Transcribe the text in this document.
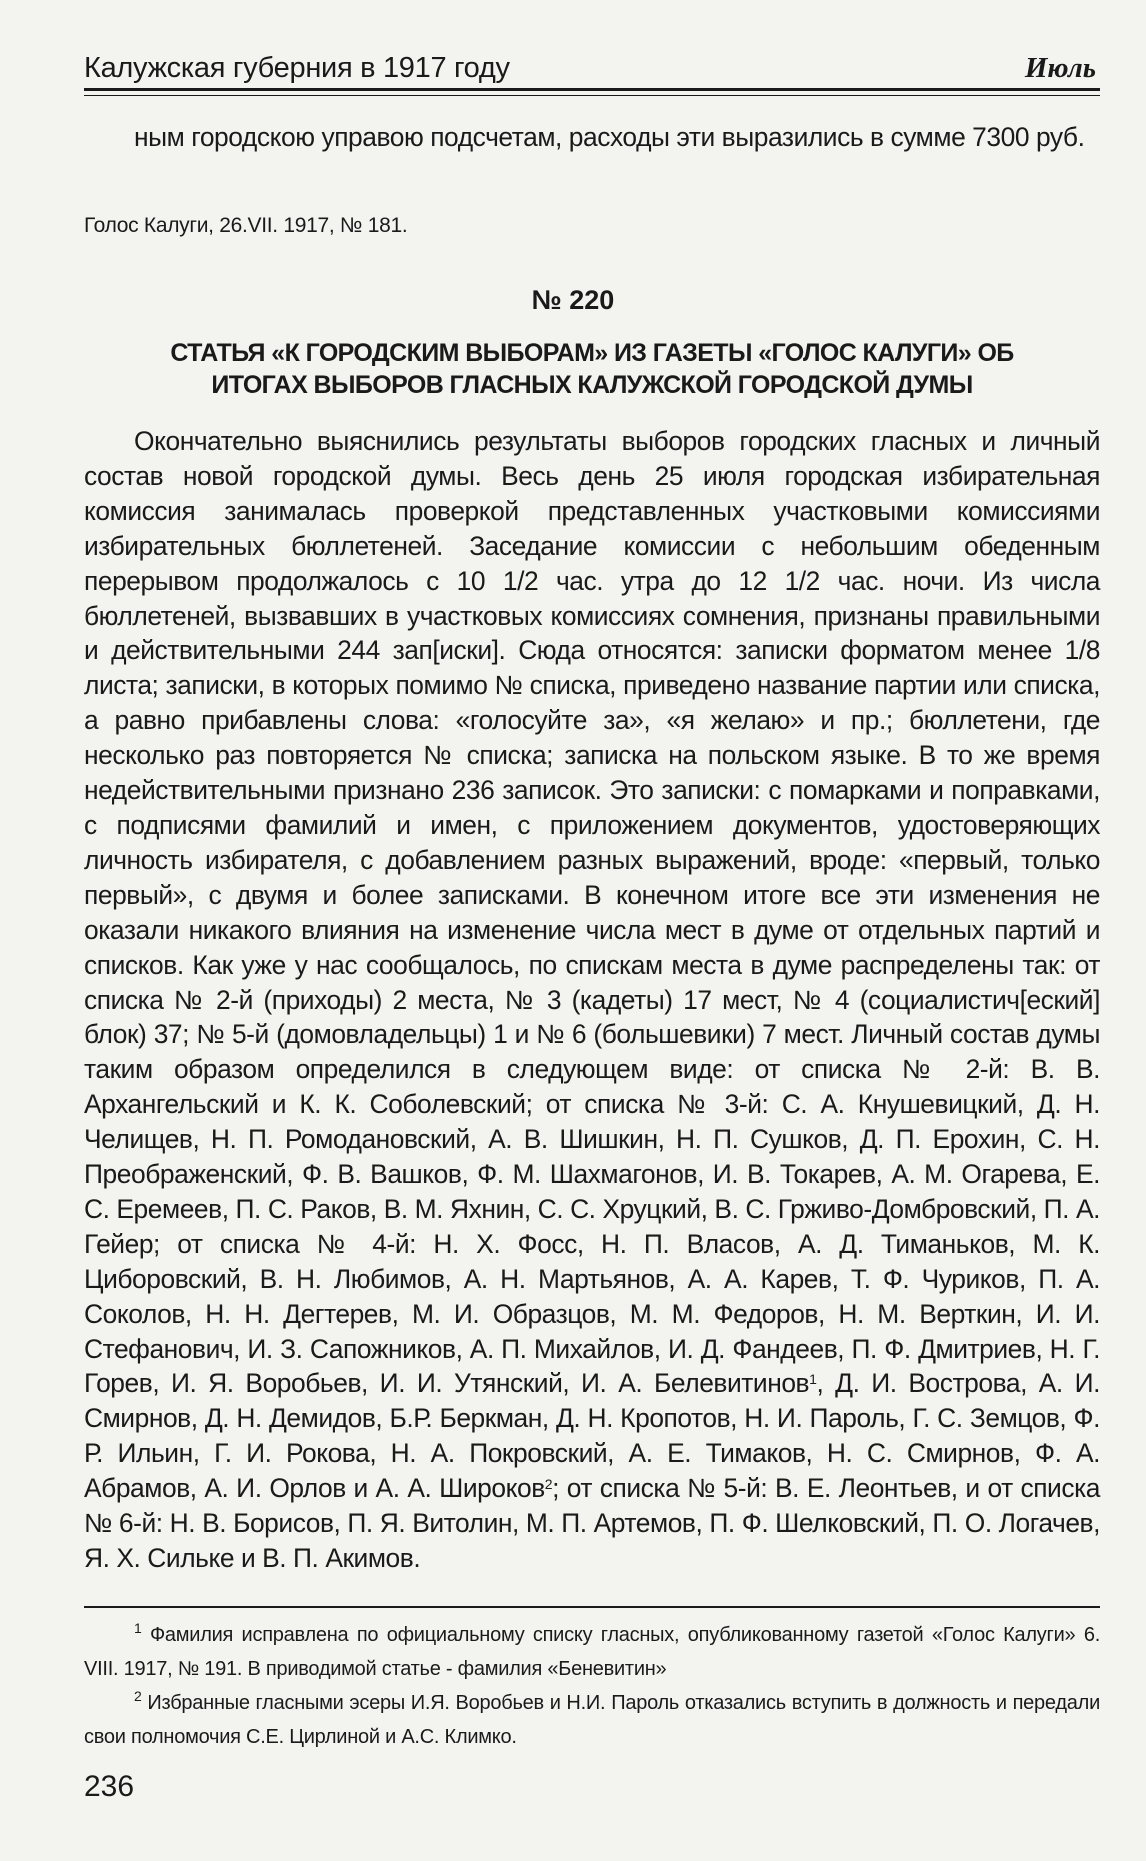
Калужская губерния в 1917 году	Июль

ным городскою управою подсчетам, расходы эти выразились в сумме 7300 руб.

Голос Калуги, 26.VII. 1917, № 181.
№ 220
СТАТЬЯ «К ГОРОДСКИМ ВЫБОРАМ» ИЗ ГАЗЕТЫ «ГОЛОС КАЛУГИ» ОБ
ИТОГАХ ВЫБОРОВ ГЛАСНЫХ КАЛУЖСКОЙ ГОРОДСКОЙ ДУМЫ

Окончательно выяснились результаты выборов городских гласных и личный состав новой городской думы. Весь день 25 июля городская избирательная комиссия занималась проверкой представленных участковыми комиссиями избирательных бюллетеней. Заседание комиссии с небольшим обеденным перерывом продолжалось с 10 1/2 час. утра до 12 1/2 час. ночи. Из числа бюллетеней, вызвавших в участковых комиссиях сомнения, признаны правильными и действительными 244 зап[иски]. Сюда относятся: записки форматом менее 1/8 листа; записки, в которых помимо № списка, приведено название партии или списка, а равно прибавлены слова: «голосуйте за», «я желаю» и пр.; бюллетени, где несколько раз повторяется № списка; записка на польском языке. В то же время недействительными признано 236 записок. Это записки: с помарками и поправками, с подписями фамилий и имен, с приложением документов, удостоверяющих личность избирателя, с добавлением разных выражений, вроде: «первый, только первый», с двумя и более записками. В конечном итоге все эти изменения не оказали никакого влияния на изменение числа мест в думе от отдельных партий и списков. Как уже у нас сообщалось, по спискам места в думе распределены так: от списка № 2-й (приходы) 2 места, № 3 (кадеты) 17 мест, № 4 (социалистич[еский] блок) 37; № 5-й (домовладельцы) 1 и № 6 (большевики) 7 мест. Личный состав думы таким образом определился в следующем виде: от списка № 2-й: В. В. Архангельский и К. К. Соболевский; от списка № 3-й: С. А. Кнушевицкий, Д. Н. Челищев, Н. П. Ромодановский, А. В. Шишкин, Н. П. Сушков, Д. П. Ерохин, С. Н. Преображенский, Ф. В. Вашков, Ф. М. Шахмагонов, И. В. Токарев, А. М. Огарева, Е. С. Еремеев, П. С. Раков, В. М. Яхнин, С. С. Хруцкий, В. С. Грживо-Домбровский, П. А. Гейер; от списка № 4-й: Н. Х. Фосс, Н. П. Власов, А. Д. Тиманьков, М. К. Циборовский, В. Н. Любимов, А. Н. Мартьянов, А. А. Карев, Т. Ф. Чуриков, П. А. Соколов, Н. Н. Дегтерев, М. И. Образцов, М. М. Федоров, Н. М. Верткин, И. И. Стефанович, И. З. Сапожников, А. П. Михайлов, И. Д. Фандеев, П. Ф. Дмитриев, Н. Г. Горев, И. Я. Воробьев, И. И. Утянский, И. А. Белевитинов$^1$, Д. И. Вострова, А. И. Смирнов, Д. Н. Демидов, Б.Р. Беркман, Д. Н. Кропотов, Н. И. Пароль, Г. С. Земцов, Ф. Р. Ильин, Г. И. Рокова, Н. А. Покровский, А. Е. Тимаков, Н. С. Смирнов, Ф. А. Абрамов, А. И. Орлов и А. А. Широков$^2$; от списка № 5-й: В. Е. Леонтьев, и от списка № 6-й: Н. В. Борисов, П. Я. Витолин, М. П. Артемов, П. Ф. Шелковский, П. О. Логачев, Я. Х. Сильке и В. П. Акимов.

$^1$ Фамилия исправлена по официальному списку гласных, опубликованному газетой «Голос Калуги» 6. VIII. 1917, № 191. В приводимой статье - фамилия «Беневитин»

$^2$ Избранные гласными эсеры И.Я. Воробьев и Н.И. Пароль отказались вступить в должность и передали свои полномочия С.Е. Цирлиной и А.С. Климко.

236
